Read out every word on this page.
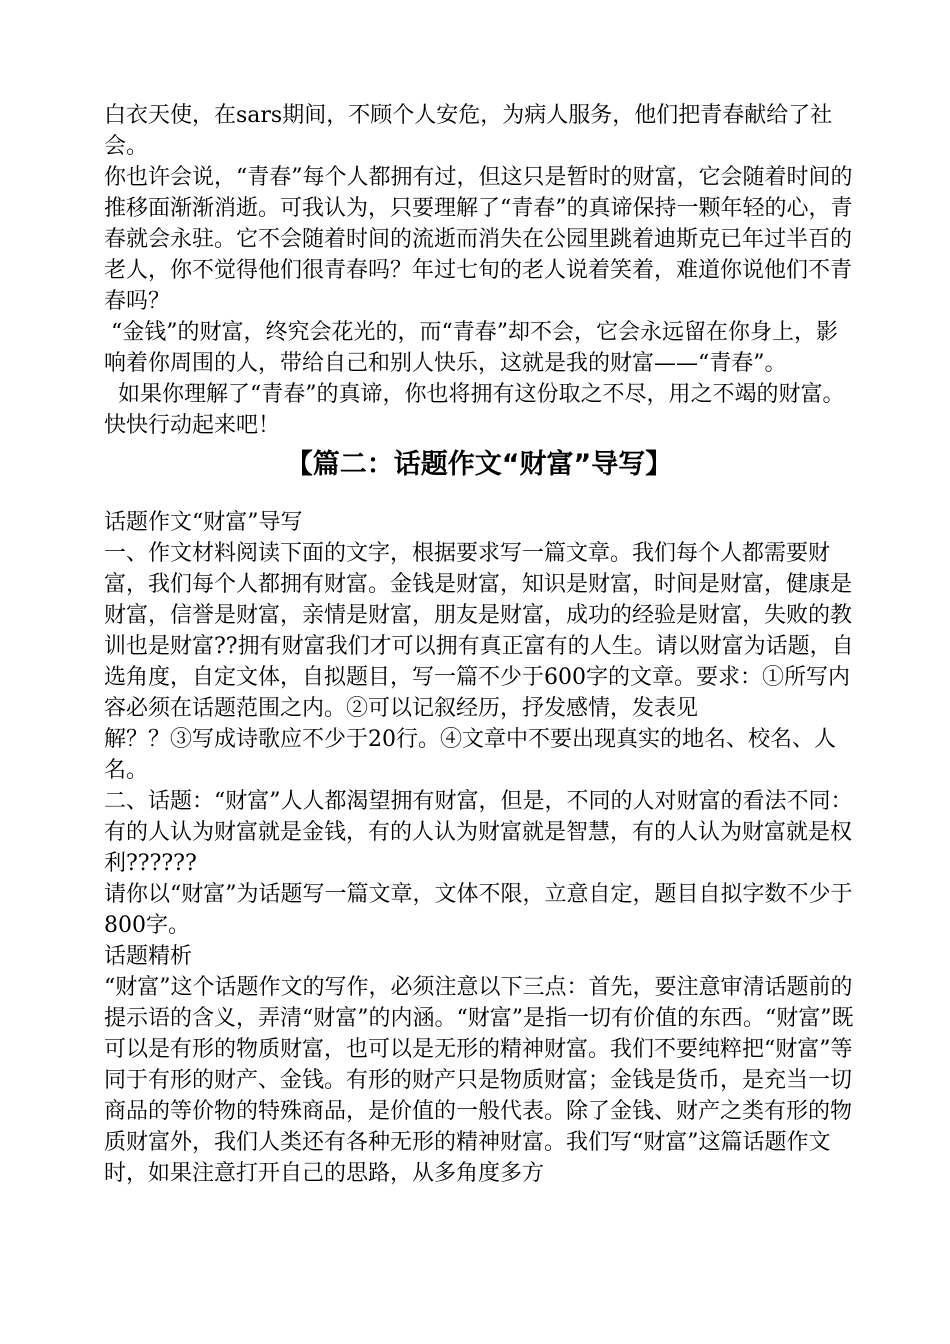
白衣天使，在sars期间，不顾个人安危，为病人服务，他们把青春献给了社会。

你也许会说，“青春”每个人都拥有过，但这只是暂时的财富，它会随着时间的推移面渐渐消逝。可我认为，只要理解了“青春”的真谛保持一颗年轻的心，青春就会永驻。它不会随着时间的流逝而消失在公园里跳着迪斯克已年过半百的老人，你不觉得他们很青春吗？年过七旬的老人说着笑着，难道你说他们不青春吗？

“金钱”的财富，终究会花光的，而“青春”却不会，它会永远留在你身上，影响着你周围的人，带给自己和别人快乐，这就是我的财富——“青春”。

如果你理解了“青春”的真谛，你也将拥有这份取之不尽，用之不竭的财富。快快行动起来吧！

【篇二：话题作文“财富”导写】

话题作文“财富”导写

一、作文材料阅读下面的文字，根据要求写一篇文章。我们每个人都需要财富，我们每个人都拥有财富。金钱是财富，知识是财富，时间是财富，健康是财富，信誉是财富，亲情是财富，朋友是财富，成功的经验是财富，失败的教训也是财富??拥有财富我们才可以拥有真正富有的人生。请以财富为话题，自选角度，自定文体，自拟题目，写一篇不少于600字的文章。要求：①所写内容必须在话题范围之内。②可以记叙经历，抒发感情，发表见

解？？③写成诗歌应不少于20行。④文章中不要出现真实的地名、校名、人名。

二、话题：“财富”人人都渴望拥有财富，但是，不同的人对财富的看法不同：有的人认为财富就是金钱，有的人认为财富就是智慧，有的人认为财富就是权利??????

请你以“财富”为话题写一篇文章，文体不限，立意自定，题目自拟字数不少于800字。

话题精析

“财富”这个话题作文的写作，必须注意以下三点：首先，要注意审清话题前的提示语的含义，弄清“财富”的内涵。“财富”是指一切有价值的东西。“财富”既可以是有形的物质财富，也可以是无形的精神财富。我们不要纯粹把“财富”等同于有形的财产、金钱。有形的财产只是物质财富；金钱是货币，是充当一切商品的等价物的特殊商品，是价值的一般代表。除了金钱、财产之类有形的物质财富外，我们人类还有各种无形的精神财富。我们写“财富”这篇话题作文时，如果注意打开自己的思路，从多角度多方
